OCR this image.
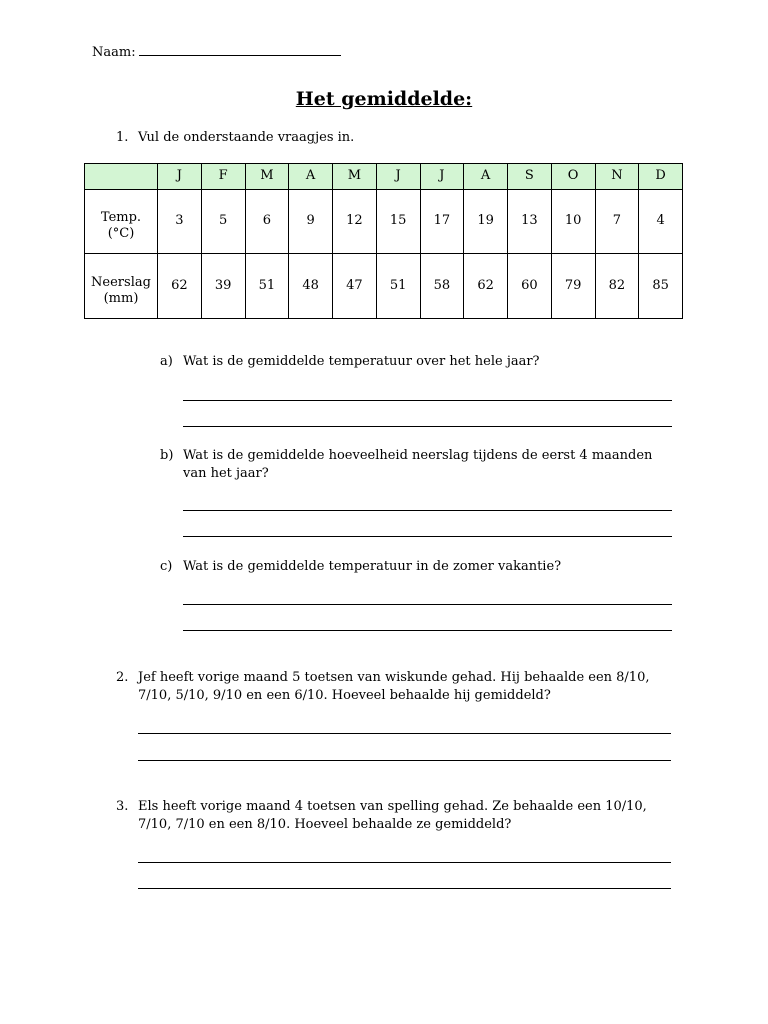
Naam:
Het gemiddelde:
1. Vul de onderstaande vraagjes in.
	J	F	M	A	M	J	J	A	S	O	N	D

Temp.
(°C)	3	5	6	9	12	15	17	19	13	10	7	4

Neerslag
(mm)	62	39	51	48	47	51	58	62	60	79	82	85
a) Wat is de gemiddelde temperatuur over het hele jaar?
b) Wat is de gemiddelde hoeveelheid neerslag tijdens de eerst 4 maanden
van het jaar?
c) Wat is de gemiddelde temperatuur in de zomer vakantie?
2. Jef heeft vorige maand 5 toetsen van wiskunde gehad. Hij behaalde een 8/10,
7/10, 5/10, 9/10 en een 6/10. Hoeveel behaalde hij gemiddeld?
3. Els heeft vorige maand 4 toetsen van spelling gehad. Ze behaalde een 10/10,
7/10, 7/10 en een 8/10. Hoeveel behaalde ze gemiddeld?
